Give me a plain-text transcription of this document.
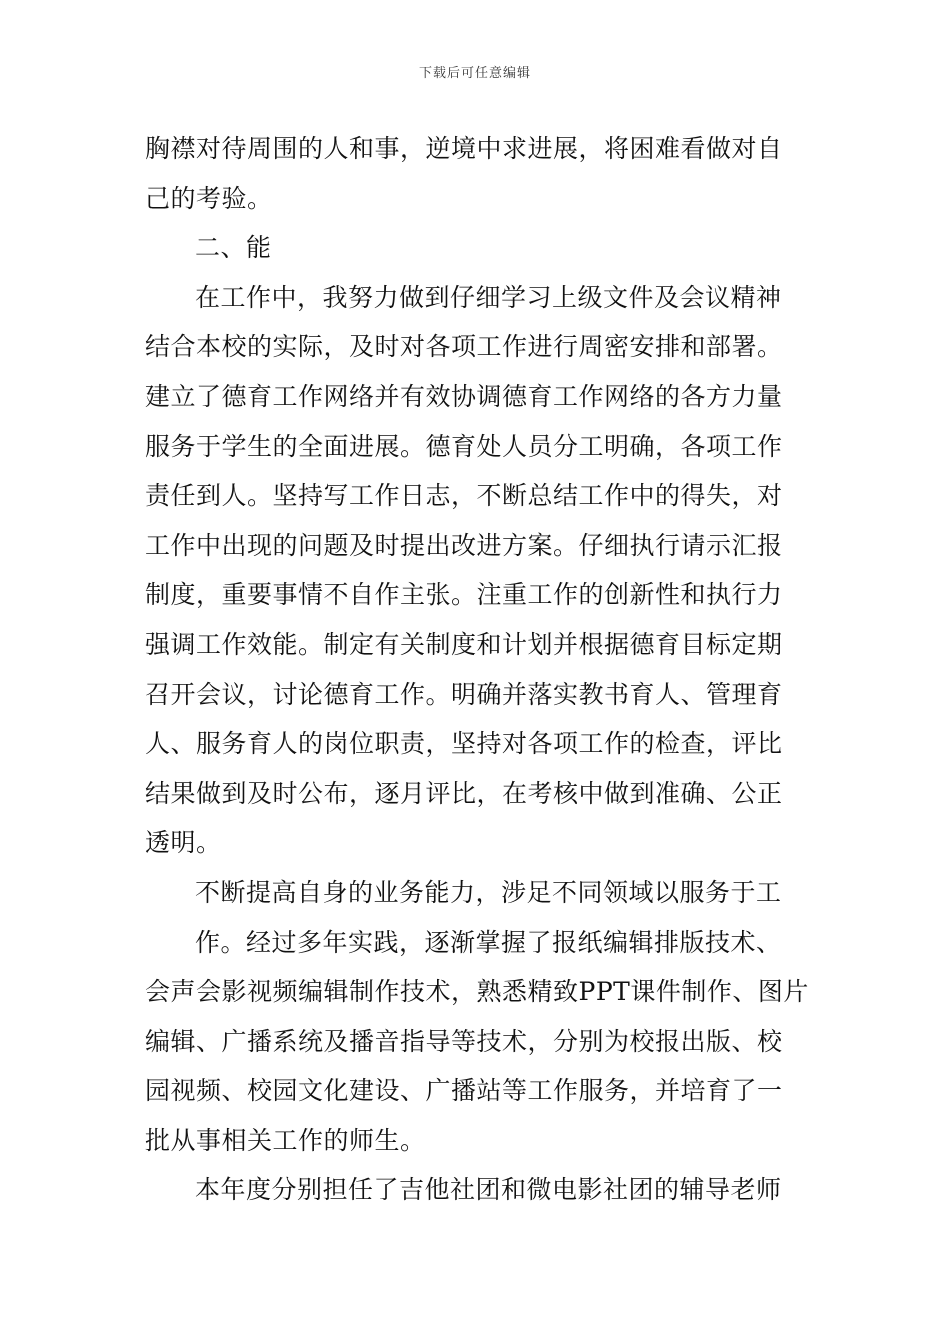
下载后可任意编辑
胸襟对待周围的人和事，逆境中求进展，将困难看做对自
己的考验。
二、能
在工作中，我努力做到仔细学习上级文件及会议精神
结合本校的实际，及时对各项工作进行周密安排和部署。
建立了德育工作网络并有效协调德育工作网络的各方力量
服务于学生的全面进展。德育处人员分工明确，各项工作
责任到人。坚持写工作日志，不断总结工作中的得失，对
工作中出现的问题及时提出改进方案。仔细执行请示汇报
制度，重要事情不自作主张。注重工作的创新性和执行力
强调工作效能。制定有关制度和计划并根据德育目标定期
召开会议，讨论德育工作。明确并落实教书育人、管理育
人、服务育人的岗位职责，坚持对各项工作的检查，评比
结果做到及时公布，逐月评比，在考核中做到准确、公正
透明。
不断提高自身的业务能力，涉足不同领域以服务于工
作。经过多年实践，逐渐掌握了报纸编辑排版技术、
会声会影视频编辑制作技术，熟悉精致PPT课件制作、图片
编辑、广播系统及播音指导等技术，分别为校报出版、校
园视频、校园文化建设、广播站等工作服务，并培育了一
批从事相关工作的师生。
本年度分别担任了吉他社团和微电影社团的辅导老师
